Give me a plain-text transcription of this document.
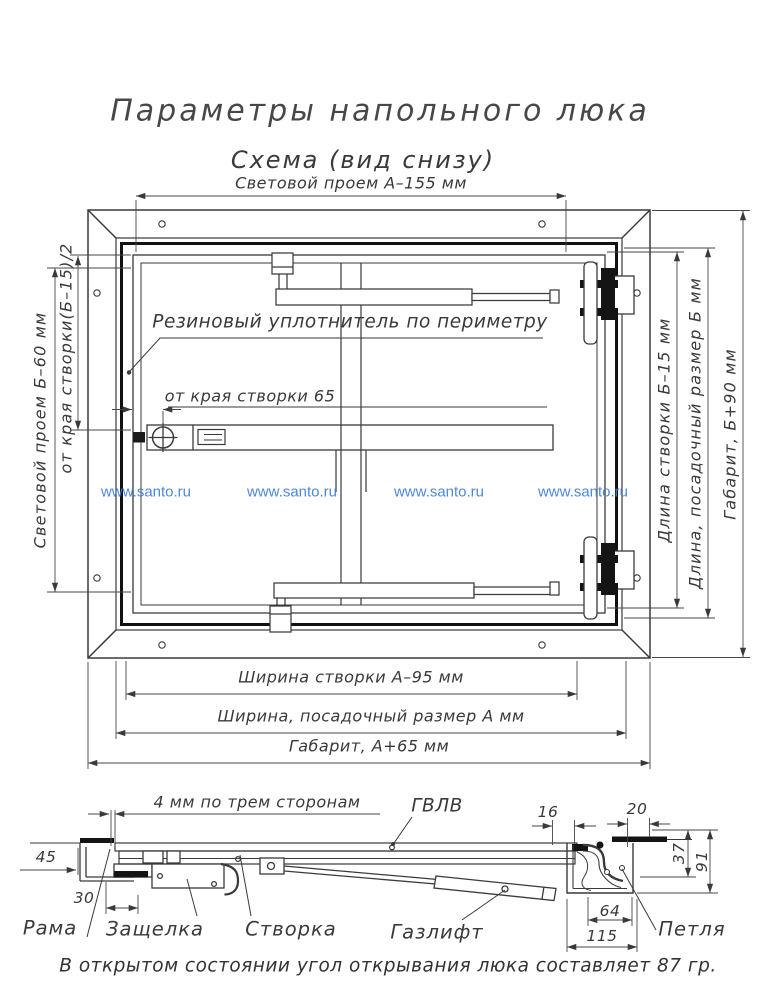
Параметры напольного люка
Схема (вид снизу)
Световой проем А–155 мм
Световой проем Б–60 мм от края створки(Б–15)/2	Длина створки Б–15 мм Длина, посадочный размер Б мм Габарит, Б+90 мм
Резиновый уплотнитель по периметру
от края створки 65
Ширина створки А–95 мм
Ширина, посадочный размер А мм
Габарит, А+65 мм
4 мм по трем сторонам	ГВЛВ	16	20
37 91
45
30
64
115
Рама Защелка Створка	Газлифт	Петля
В открытом состоянии угол открывания люка составляет 87 гр.
www.santo.ru	www.santo.ru	www.santo.ru	www.santo.ru
